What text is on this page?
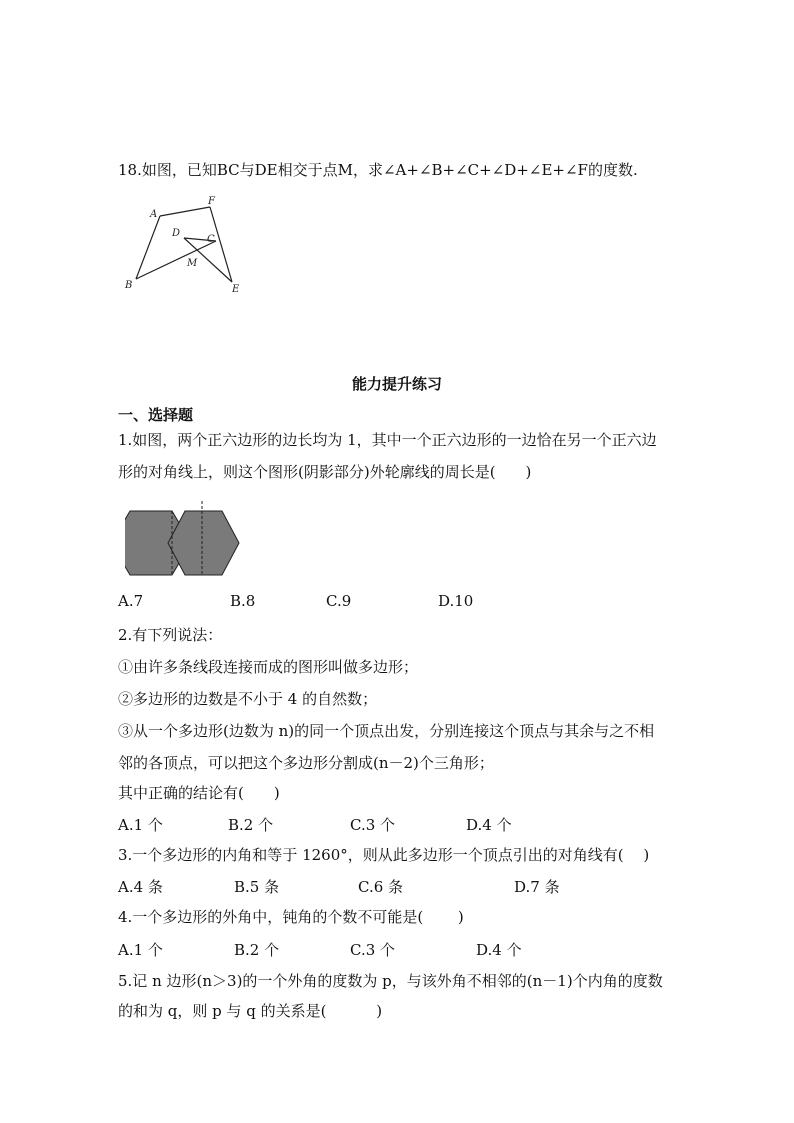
18.如图，已知BC与DE相交于点M，求∠A+∠B+∠C+∠D+∠E+∠F的度数.
A
F
D
C
M
B	E
能力提升练习
一、选择题
1.如图，两个正六边形的边长均为 1，其中一个正六边形的一边恰在另一个正六边
形的对角线上，则这个图形(阴影部分)外轮廓线的周长是(　　)
A.7	B.8	C.9	D.10
2.有下列说法：
①由许多条线段连接而成的图形叫做多边形；
②多边形的边数是不小于 4 的自然数；
③从一个多边形(边数为 n)的同一个顶点出发，分别连接这个顶点与其余与之不相
邻的各顶点，可以把这个多边形分割成(n－2)个三角形；
其中正确的结论有(　　)
A.1 个	B.2 个	C.3 个	D.4 个
3.一个多边形的内角和等于 1260°，则从此多边形一个顶点引出的对角线有(　 )
A.4 条	B.5 条	C.6 条	D.7 条
4.一个多边形的外角中，钝角的个数不可能是(　　 )
A.1 个	B.2 个	C.3 个	D.4 个
5.记 n 边形(n＞3)的一个外角的度数为 p，与该外角不相邻的(n－1)个内角的度数
的和为 q，则 p 与 q 的关系是(　　　 )
